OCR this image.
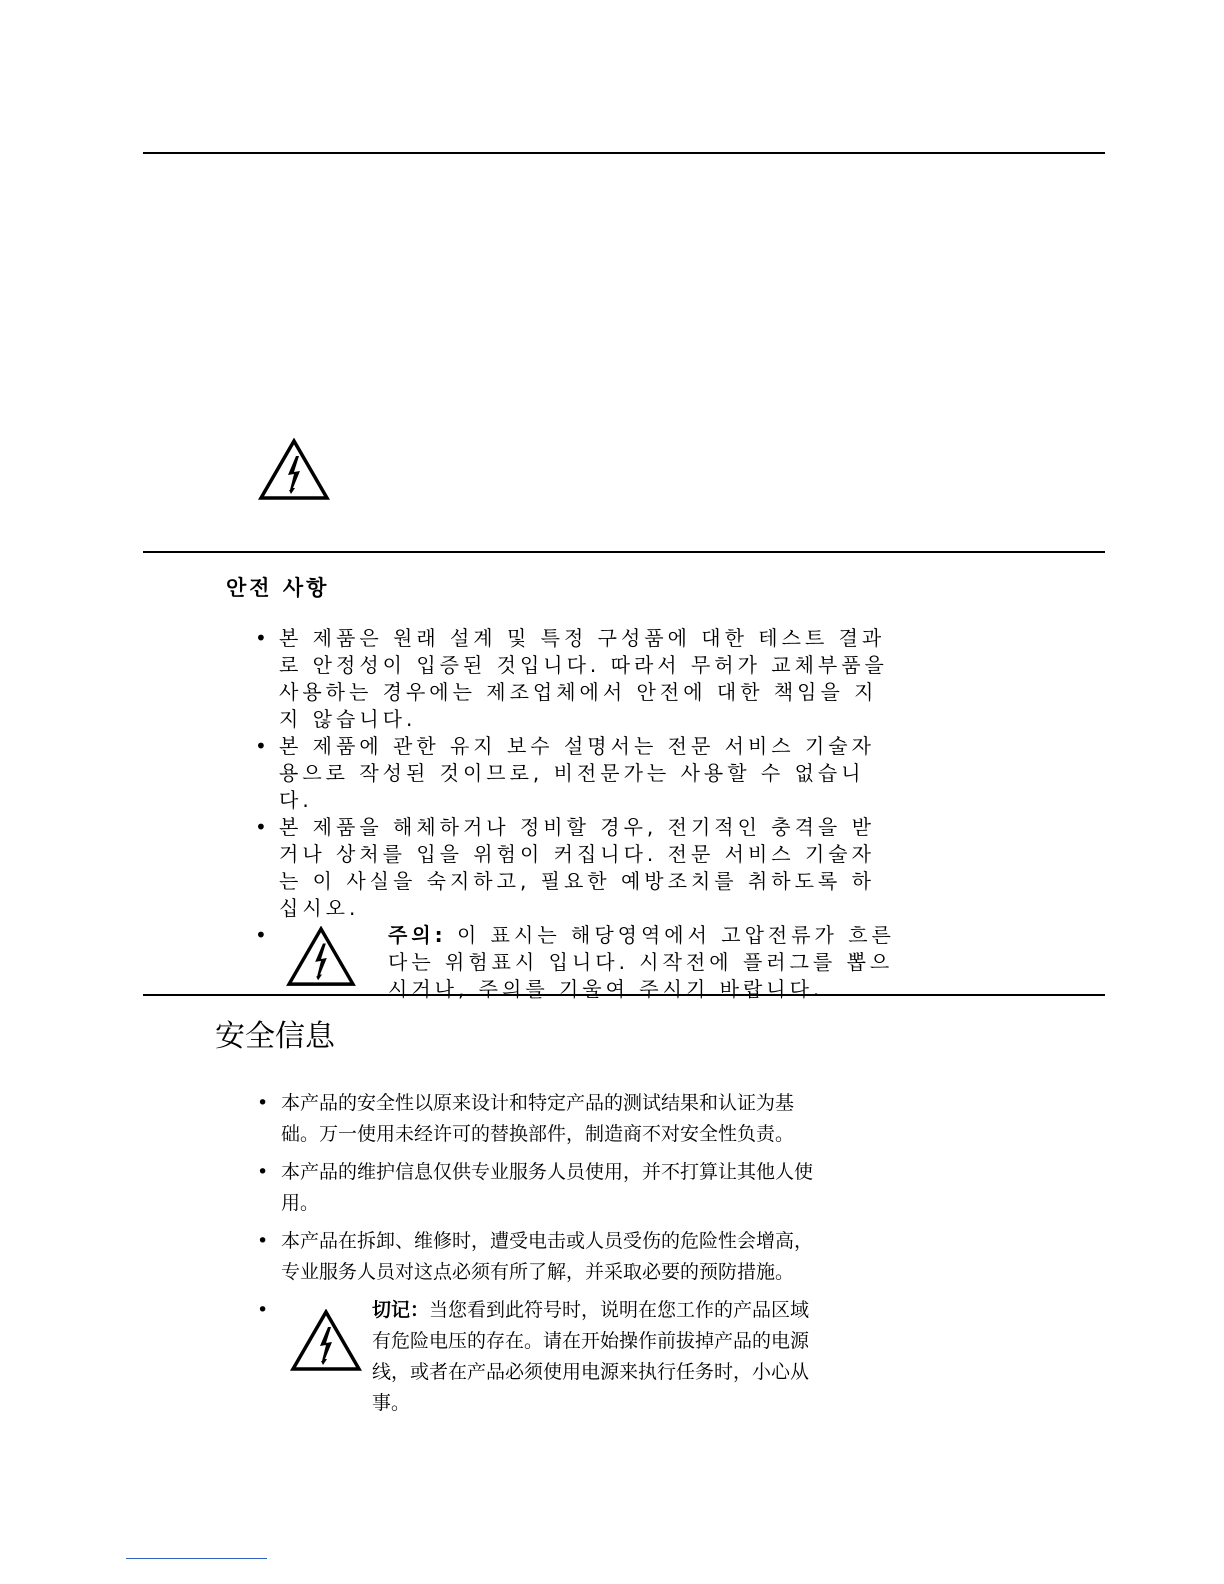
안전 사항
• 본 제품은 원래 설계 및 특정 구성품에 대한 테스트 결과로 안정성이 입증된 것입니다. 따라서 무허가 교체부품을 사용하는 경우에는 제조업체에서 안전에 대한 책임을 지지 않습니다.
• 본 제품에 관한 유지 보수 설명서는 전문 서비스 기술자 용으로 작성된 것이므로, 비전문가는 사용할 수 없습니다.
• 본 제품을 해체하거나 정비할 경우, 전기적인 충격을 받거나 상처를 입을 위험이 커집니다. 전문 서비스 기술자는 이 사실을 숙지하고, 필요한 예방조치를 취하도록 하십시오.
•	주의: 이 표시는 해당영역에서 고압전류가 흐른다는 위험표시 입니다. 시작전에 플러그를 뽑으시거나, 주의를 기울여 주시기 바랍니다.
安全信息
• 本产品的安全性以原来设计和特定产品的测试结果和认证为基础。万一使用未经许可的替换部件，制造商不对安全性负责。
• 本产品的维护信息仅供专业服务人员使用，并不打算让其他人使用。
• 本产品在拆卸、维修时，遭受电击或人员受伤的危险性会增高，专业服务人员对这点必须有所了解，并采取必要的预防措施。
•	切记：当您看到此符号时，说明在您工作的产品区域有危险电压的存在。请在开始操作前拔掉产品的电源线，或者在产品必须使用电源来执行任务时，小心从事。
